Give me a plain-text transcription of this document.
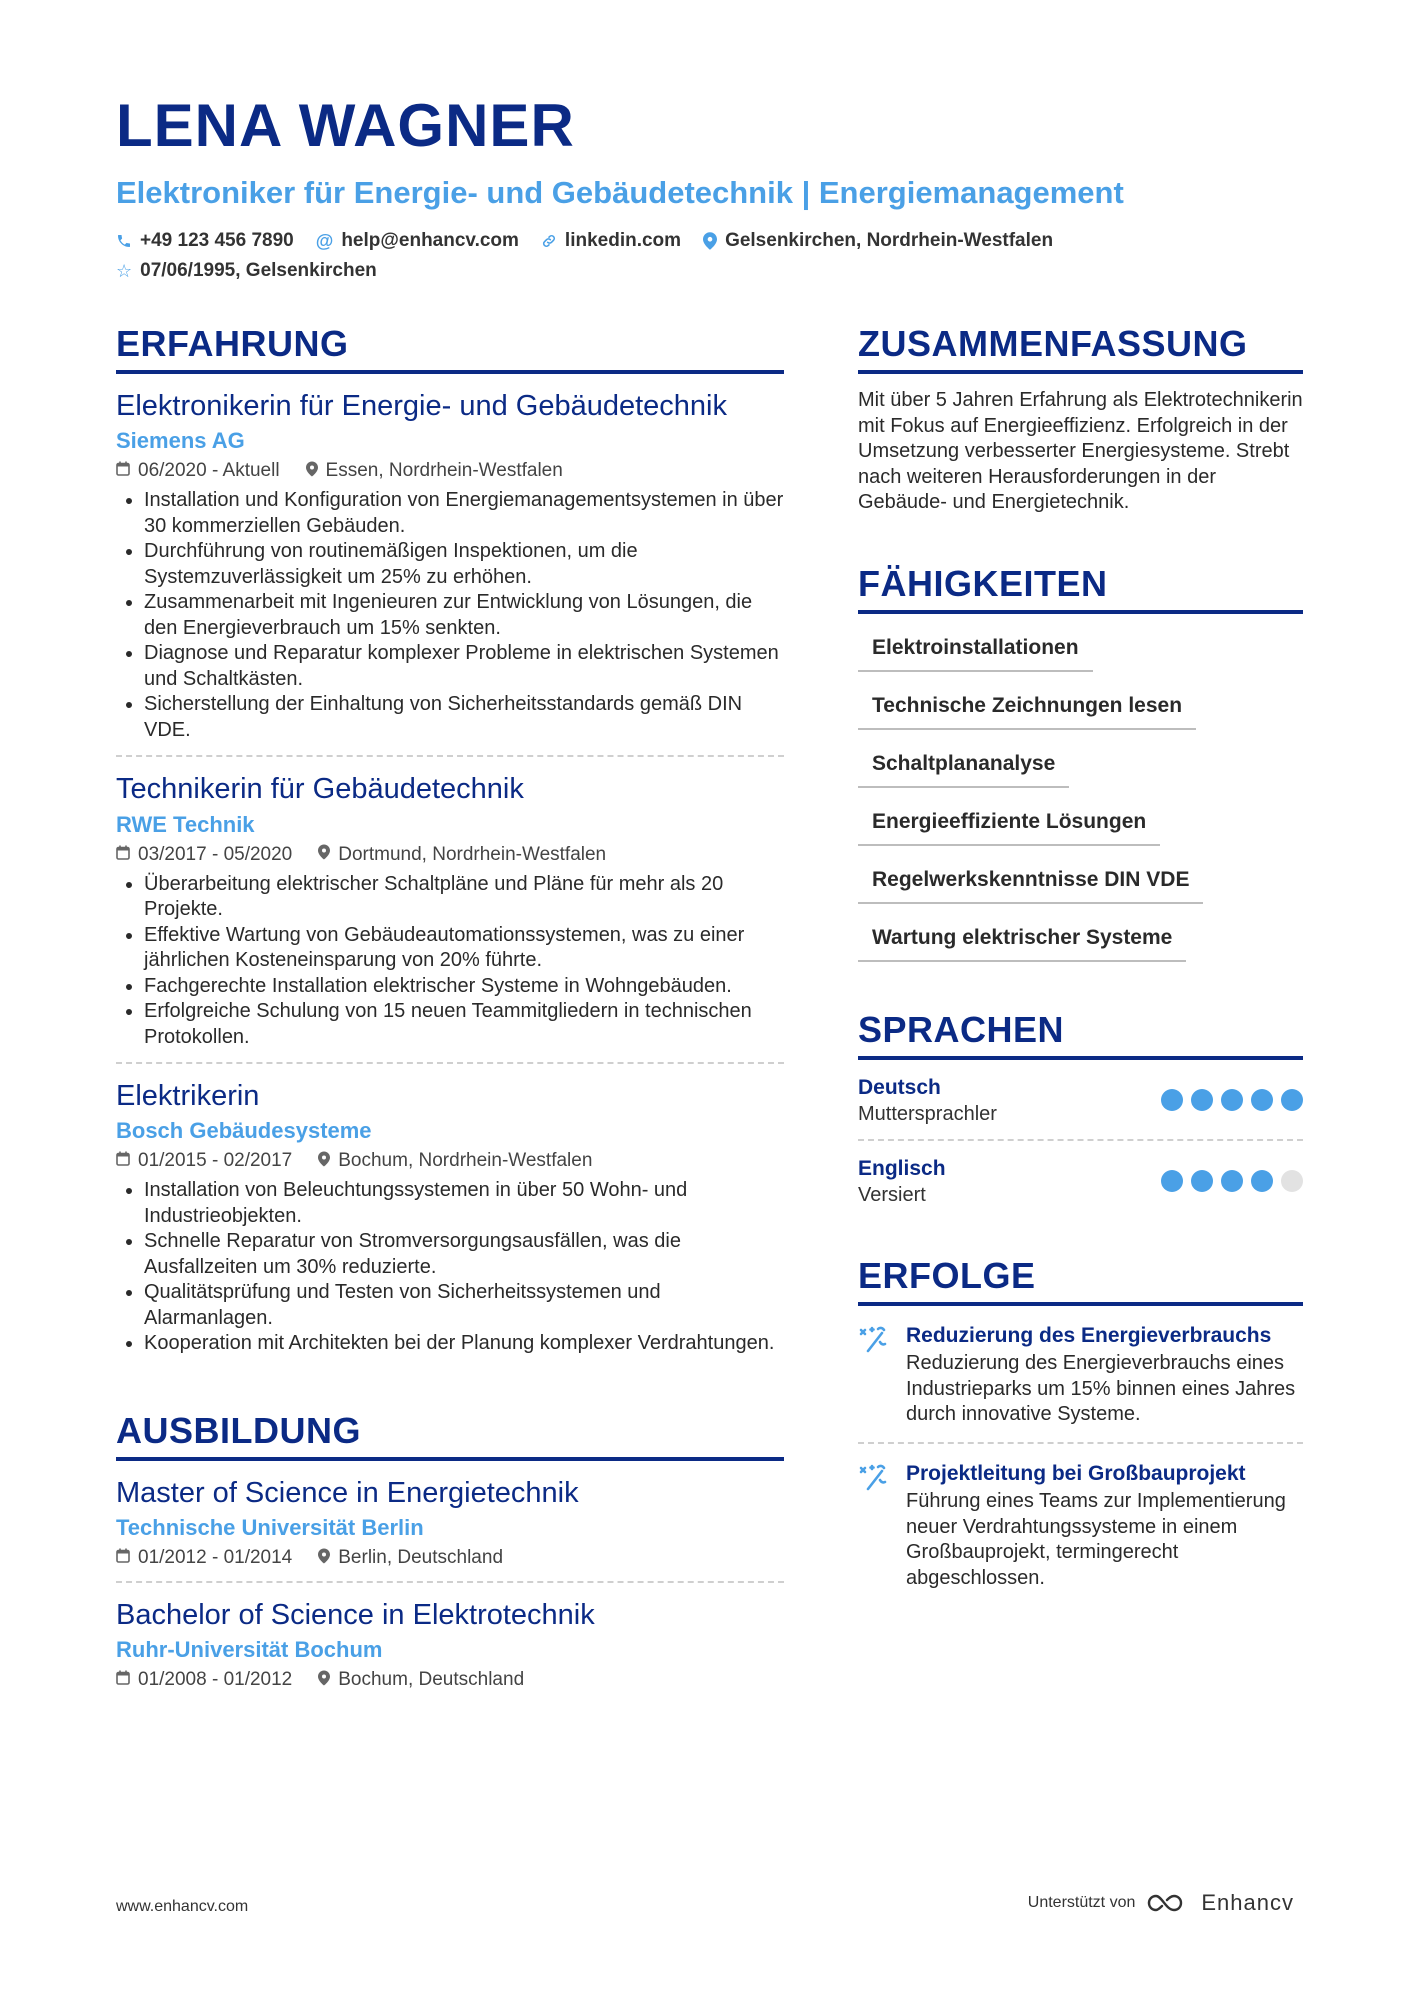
LENA WAGNER
Elektroniker für Energie- und Gebäudetechnik | Energiemanagement
+49 123 456 7890 @ help@enhancv.com linkedin.com Gelsenkirchen, Nordrhein-Westfalen
☆ 07/06/1995, Gelsenkirchen
ERFAHRUNG
Elektronikerin für Energie- und Gebäudetechnik
Siemens AG
06/2020 - Aktuell Essen, Nordrhein-Westfalen
• Installation und Konfiguration von Energiemanagementsystemen in über 30 kommerziellen Gebäuden.
• Durchführung von routinemäßigen Inspektionen, um die Systemzuverlässigkeit um 25% zu erhöhen.
• Zusammenarbeit mit Ingenieuren zur Entwicklung von Lösungen, die den Energieverbrauch um 15% senkten.
• Diagnose und Reparatur komplexer Probleme in elektrischen Systemen und Schaltkästen.
• Sicherstellung der Einhaltung von Sicherheitsstandards gemäß DIN VDE.
Technikerin für Gebäudetechnik
RWE Technik
03/2017 - 05/2020 Dortmund, Nordrhein-Westfalen
• Überarbeitung elektrischer Schaltpläne und Pläne für mehr als 20 Projekte.
• Effektive Wartung von Gebäudeautomationssystemen, was zu einer jährlichen Kosteneinsparung von 20% führte.
• Fachgerechte Installation elektrischer Systeme in Wohngebäuden.
• Erfolgreiche Schulung von 15 neuen Teammitgliedern in technischen Protokollen.
Elektrikerin
Bosch Gebäudesysteme
01/2015 - 02/2017 Bochum, Nordrhein-Westfalen
• Installation von Beleuchtungssystemen in über 50 Wohn- und Industrieobjekten.
• Schnelle Reparatur von Stromversorgungsausfällen, was die Ausfallzeiten um 30% reduzierte.
• Qualitätsprüfung und Testen von Sicherheitssystemen und Alarmanlagen.
• Kooperation mit Architekten bei der Planung komplexer Verdrahtungen.
AUSBILDUNG
Master of Science in Energietechnik
Technische Universität Berlin
01/2012 - 01/2014 Berlin, Deutschland
Bachelor of Science in Elektrotechnik
Ruhr-Universität Bochum
01/2008 - 01/2012 Bochum, Deutschland
ZUSAMMENFASSUNG
Mit über 5 Jahren Erfahrung als Elektrotechnikerin mit Fokus auf Energieeffizienz. Erfolgreich in der Umsetzung verbesserter Energiesysteme. Strebt nach weiteren Herausforderungen in der Gebäude- und Energietechnik.
FÄHIGKEITEN
Elektroinstallationen
Technische Zeichnungen lesen
Schaltplananalyse
Energieeffiziente Lösungen
Regelwerkskenntnisse DIN VDE
Wartung elektrischer Systeme
SPRACHEN
Deutsch
Muttersprachler
Englisch
Versiert
ERFOLGE
Reduzierung des Energieverbrauchs
Reduzierung des Energieverbrauchs eines Industrieparks um 15% binnen eines Jahres durch innovative Systeme.
Projektleitung bei Großbauprojekt
Führung eines Teams zur Implementierung neuer Verdrahtungssysteme in einem Großbauprojekt, termingerecht abgeschlossen.
www.enhancv.com	Unterstützt von	Enhancv
